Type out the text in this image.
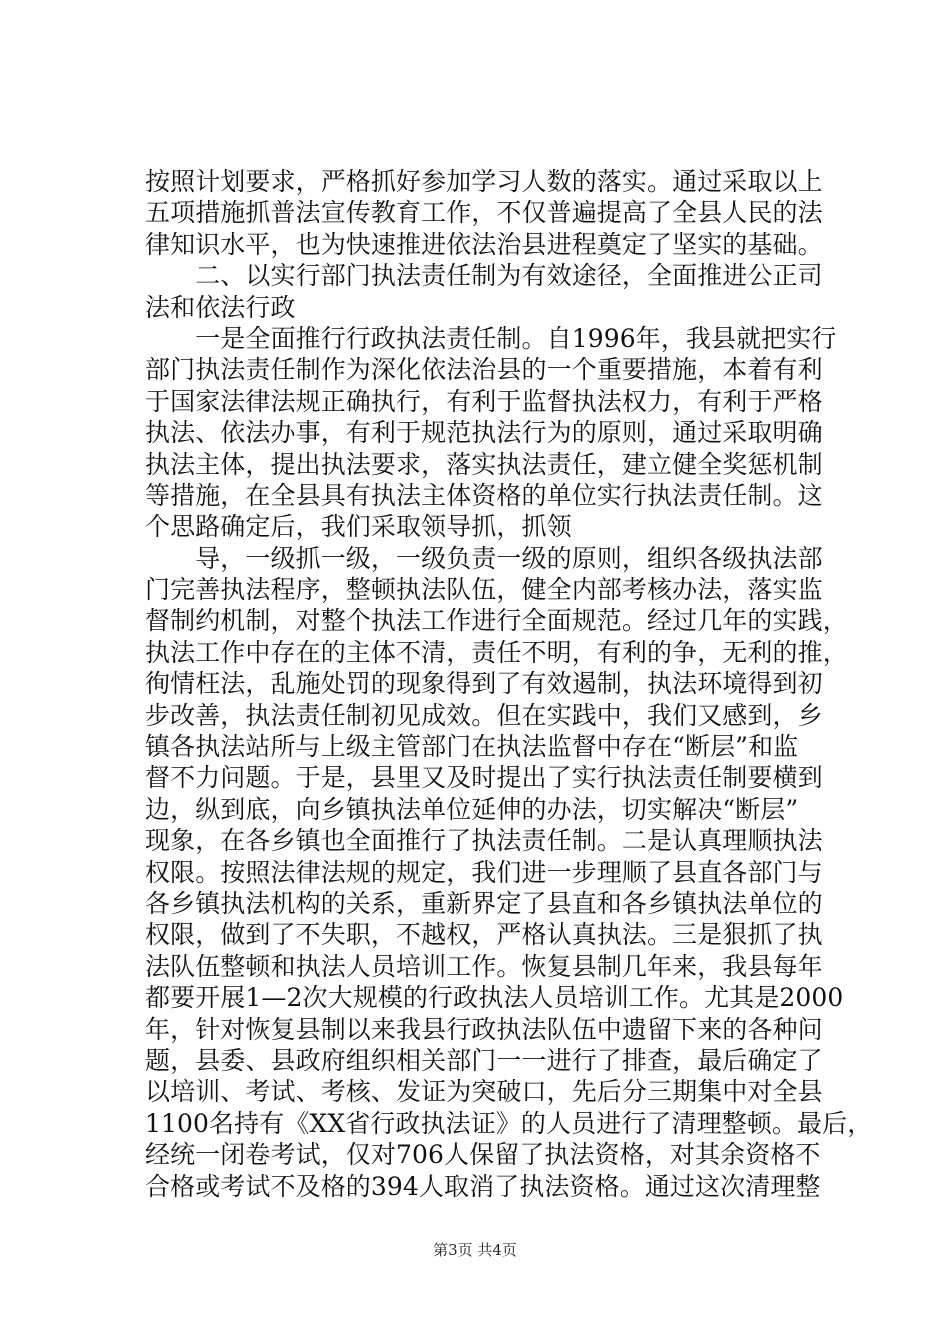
按照计划要求，严格抓好参加学习人数的落实。通过采取以上
五项措施抓普法宣传教育工作，不仅普遍提高了全县人民的法
律知识水平，也为快速推进依法治县进程奠定了坚实的基础。
　　二、以实行部门执法责任制为有效途径，全面推进公正司
法和依法行政
　　一是全面推行行政执法责任制。自1996年，我县就把实行
部门执法责任制作为深化依法治县的一个重要措施，本着有利
于国家法律法规正确执行，有利于监督执法权力，有利于严格
执法、依法办事，有利于规范执法行为的原则，通过采取明确
执法主体，提出执法要求，落实执法责任，建立健全奖惩机制
等措施，在全县具有执法主体资格的单位实行执法责任制。这
个思路确定后，我们采取领导抓，抓领
　　导，一级抓一级，一级负责一级的原则，组织各级执法部
门完善执法程序，整顿执法队伍，健全内部考核办法，落实监
督制约机制，对整个执法工作进行全面规范。经过几年的实践，
执法工作中存在的主体不清，责任不明，有利的争，无利的推，
徇情枉法，乱施处罚的现象得到了有效遏制，执法环境得到初
步改善，执法责任制初见成效。但在实践中，我们又感到，乡
镇各执法站所与上级主管部门在执法监督中存在“断层”和监
督不力问题。于是，县里又及时提出了实行执法责任制要横到
边，纵到底，向乡镇执法单位延伸的办法，切实解决“断层”
现象，在各乡镇也全面推行了执法责任制。二是认真理顺执法
权限。按照法律法规的规定，我们进一步理顺了县直各部门与
各乡镇执法机构的关系，重新界定了县直和各乡镇执法单位的
权限，做到了不失职，不越权，严格认真执法。三是狠抓了执
法队伍整顿和执法人员培训工作。恢复县制几年来，我县每年
都要开展1—2次大规模的行政执法人员培训工作。尤其是2000
年，针对恢复县制以来我县行政执法队伍中遗留下来的各种问
题，县委、县政府组织相关部门一一进行了排查，最后确定了
以培训、考试、考核、发证为突破口，先后分三期集中对全县
1100名持有《XX省行政执法证》的人员进行了清理整顿。最后，
经统一闭卷考试，仅对706人保留了执法资格，对其余资格不
合格或考试不及格的394人取消了执法资格。通过这次清理整
第3页 共4页
